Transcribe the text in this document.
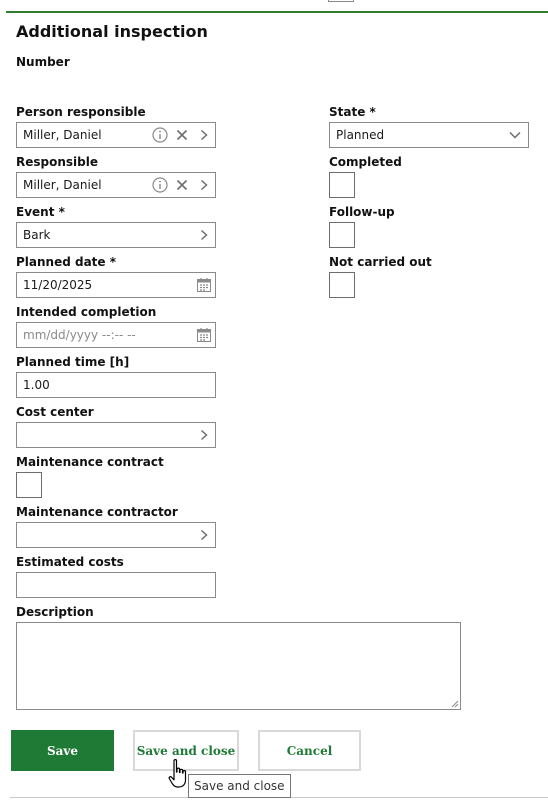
Additional inspection
Number
Person responsible
Miller, Daniel
Responsible
Miller, Daniel
Event *
Bark
Planned date *
11/20/2025
Intended completion
mm/dd/yyyy --:-- --
Planned time [h]
1.00
Cost center
Maintenance contract
Maintenance contractor
Estimated costs
Description
State *
Planned
Completed
Follow-up
Not carried out
Save	Save and close	Cancel
Save and close
